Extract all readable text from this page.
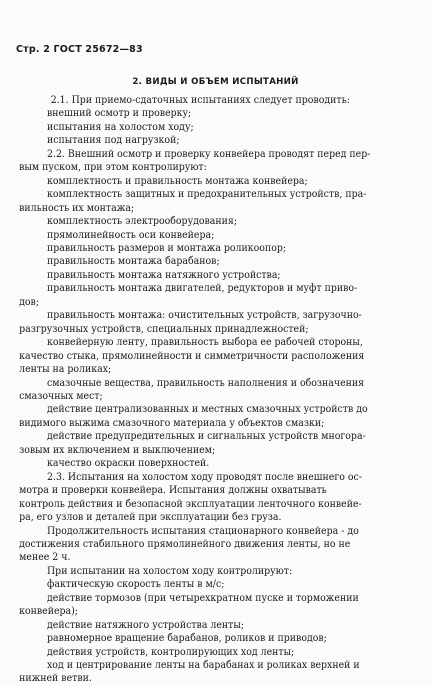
Стр. 2 ГОСТ 25672—83
2. ВИДЫ И ОБЪЕМ ИСПЫТАНИЙ
2.1. При приемо-сдаточных испытаниях следует проводить:
внешний осмотр и проверку;
испытания на холостом ходу;
испытания под нагрузкой;
2.2. Внешний осмотр и проверку конвейера проводят перед пер-
вым пуском, при этом контролируют:
комплектность и правильность монтажа конвейера;
комплектность защитных и предохранительных устройств, пра-
вильность их монтажа;
комплектность электрооборудования;
прямолинейность оси конвейера;
правильность размеров и монтажа роликоопор;
правильность монтажа барабанов;
правильность монтажа натяжного устройства;
правильность монтажа двигателей, редукторов и муфт приво-
дов;
правильность монтажа: очистительных устройств, загрузочно-
разгрузочных устройств, специальных принадлежностей;
конвейерную ленту, правильность выбора ее рабочей стороны,
качество стыка, прямолинейности и симметричности расположения
ленты на роликах;
смазочные вещества, правильность наполнения и обозначения
смазочных мест;
действие централизованных и местных смазочных устройств до
видимого выжима смазочного материала у объектов смазки;
действие предупредительных и сигнальных устройств многора-
зовым их включением и выключением;
качество окраски поверхностей.
2.3. Испытания на холостом ходу проводят после внешнего ос-
мотра и проверки конвейера. Испытания должны охватывать
контроль действия и безопасной эксплуатации ленточного конвейе-
ра, его узлов и деталей при эксплуатации без груза.
Продолжительность испытания стационарного конвейера - до
достижения стабильного прямолинейного движения ленты, но не
менее 2 ч.
При испытании на холостом ходу контролируют:
фактическую скорость ленты в м/с;
действие тормозов (при четырехкратном пуске и торможении
конвейера);
действие натяжного устройства ленты;
равномерное вращение барабанов, роликов и приводов;
действия устройств, контролирующих ход ленты;
ход и центрирование ленты на барабанах и роликах верхней и
нижней ветви.
